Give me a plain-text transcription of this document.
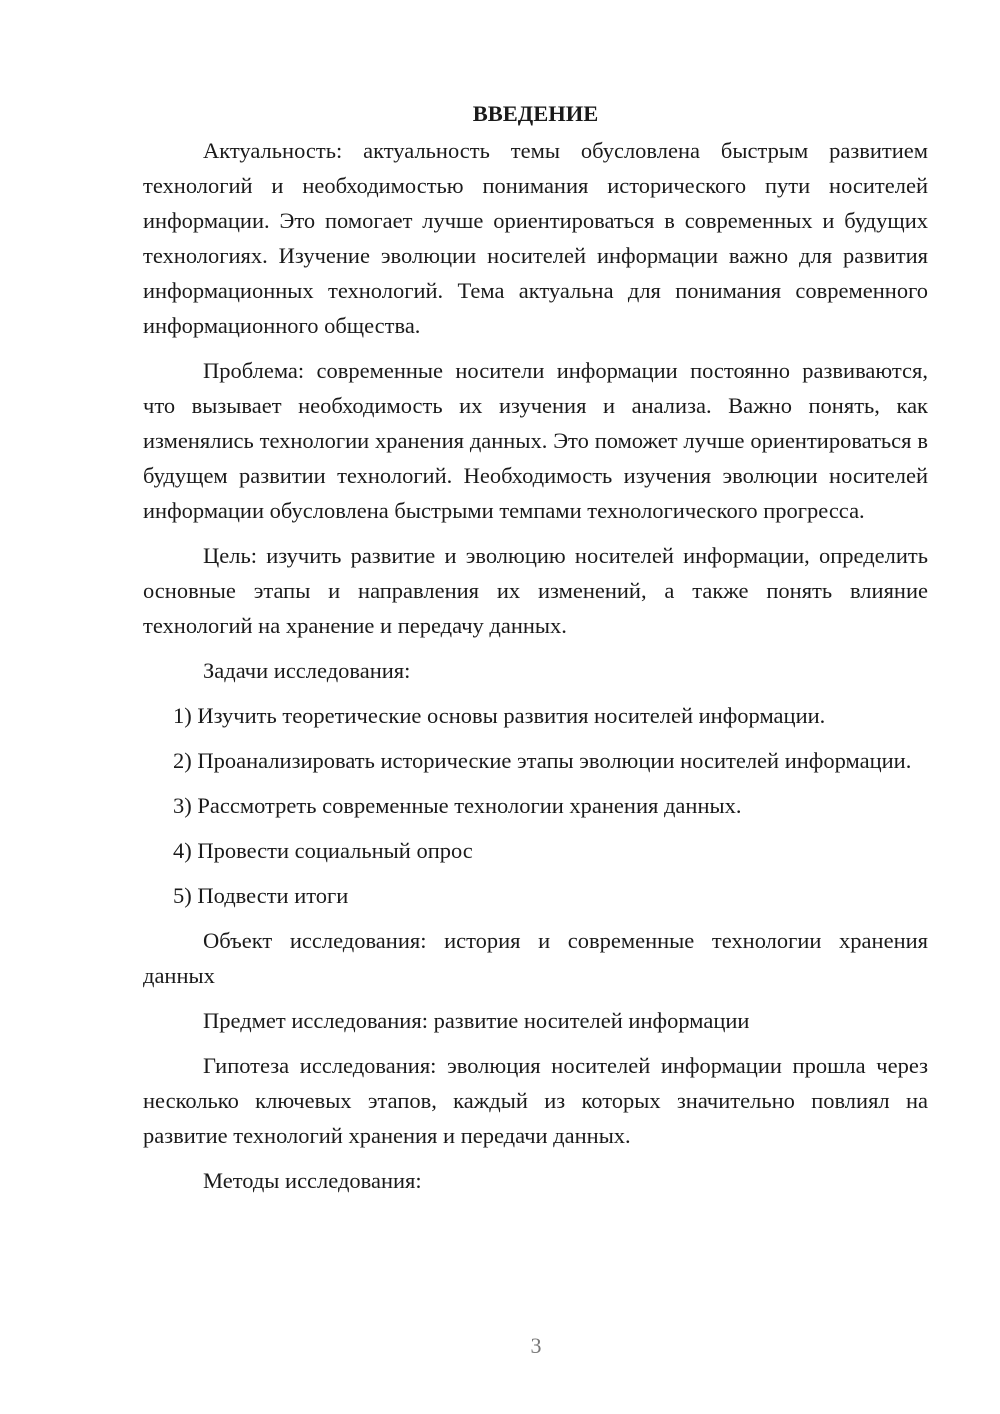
ВВЕДЕНИЕ

Актуальность: актуальность темы обусловлена быстрым развитием технологий и необходимостью понимания исторического пути носителей информации. Это помогает лучше ориентироваться в современных и будущих технологиях. Изучение эволюции носителей информации важно для развития информационных технологий. Тема актуальна для понимания современного информационного общества.

Проблема: современные носители информации постоянно развиваются, что вызывает необходимость их изучения и анализа. Важно понять, как изменялись технологии хранения данных. Это поможет лучше ориентироваться в будущем развитии технологий. Необходимость изучения эволюции носителей информации обусловлена быстрыми темпами технологического прогресса.

Цель: изучить развитие и эволюцию носителей информации, определить основные этапы и направления их изменений, а также понять влияние технологий на хранение и передачу данных.

Задачи исследования:

1) Изучить теоретические основы развития носителей информации.

2) Проанализировать исторические этапы эволюции носителей информации.

3) Рассмотреть современные технологии хранения данных.

4) Провести социальный опрос

5) Подвести итоги

Объект исследования: история и современные технологии хранения данных

Предмет исследования: развитие носителей информации

Гипотеза исследования: эволюция носителей информации прошла через несколько ключевых этапов, каждый из которых значительно повлиял на развитие технологий хранения и передачи данных.

Методы исследования:

3
